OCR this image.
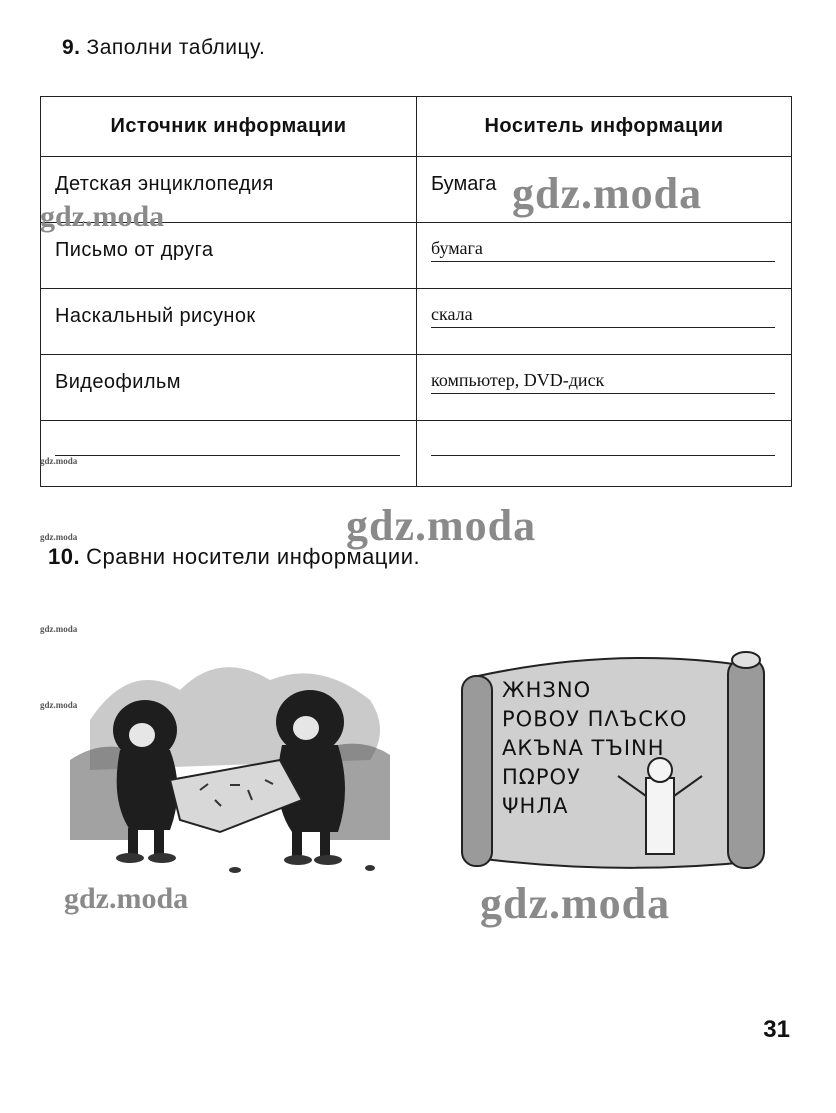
9. Заполни таблицу.
Источник информации	Носитель информации

Детская энциклопедия	Бумага

Письмо от друга	бумага

Наскальный рисунок	скала

Видеофильм	компьютер, DVD-диск

10. Сравни носители информации.
ЖНЗNО
ΡΟΒΟУ ΠΛЪСКО
АКЪNА ТЪINН
ΠΩΡΟУ
ΨНЛА
gdz.moda
gdz.moda
gdz.moda
gdz.moda
gdz.moda
gdz.moda
gdz.moda
gdz.moda	gdz.moda
31
